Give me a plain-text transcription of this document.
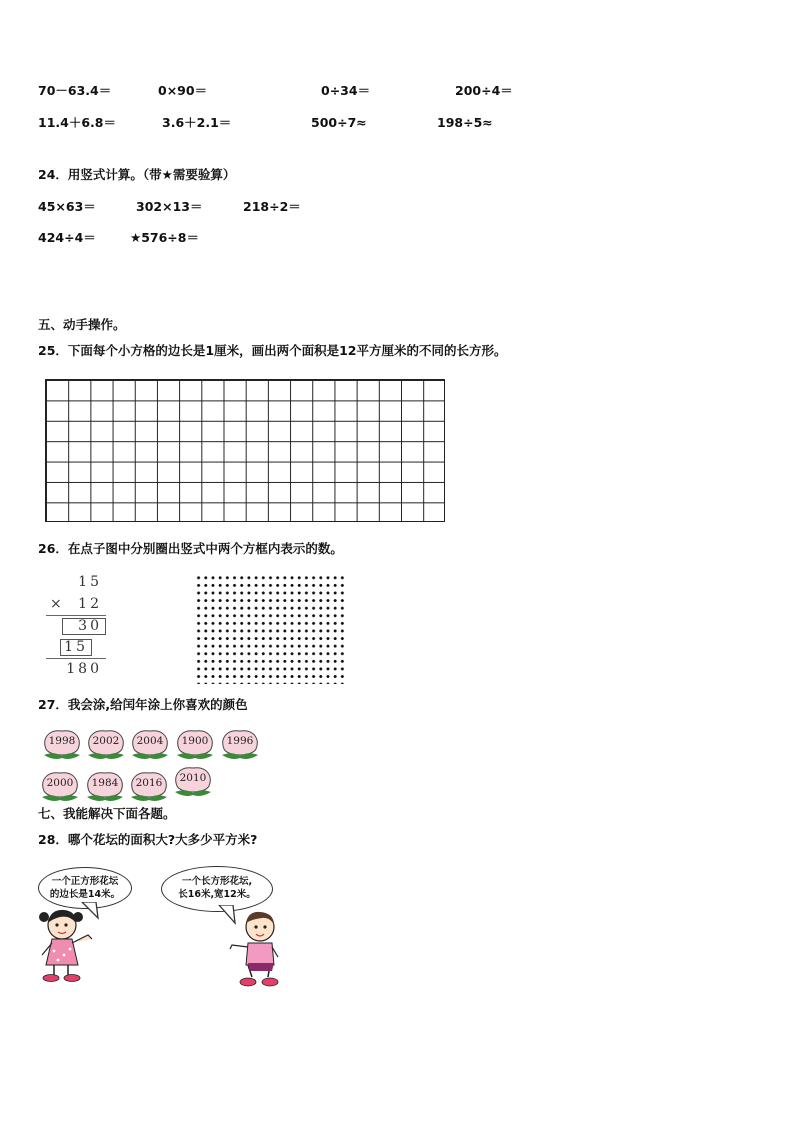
70－63.4＝	0×90＝	0÷34＝	200÷4＝
11.4＋6.8＝	3.6＋2.1＝	500÷7≈	198÷5≈
24．用竖式计算。（带★需要验算）
45×63＝	302×13＝	218÷2＝
424÷4＝	★576÷8＝
五、动手操作。
25．下面每个小方格的边长是1厘米，画出两个面积是12平方厘米的不同的长方形。
26．在点子图中分别圈出竖式中两个方框内表示的数。
15
× 12
30
15
180
27．我会涂,给闰年涂上你喜欢的颜色
1998	2002	2004	1900	1996
2000	1984	2016	2010
七、我能解决下面各题。
28．哪个花坛的面积大?大多少平方米?
一个正方形花坛
的边长是14米。
一个长方形花坛,
长16米,宽12米。
